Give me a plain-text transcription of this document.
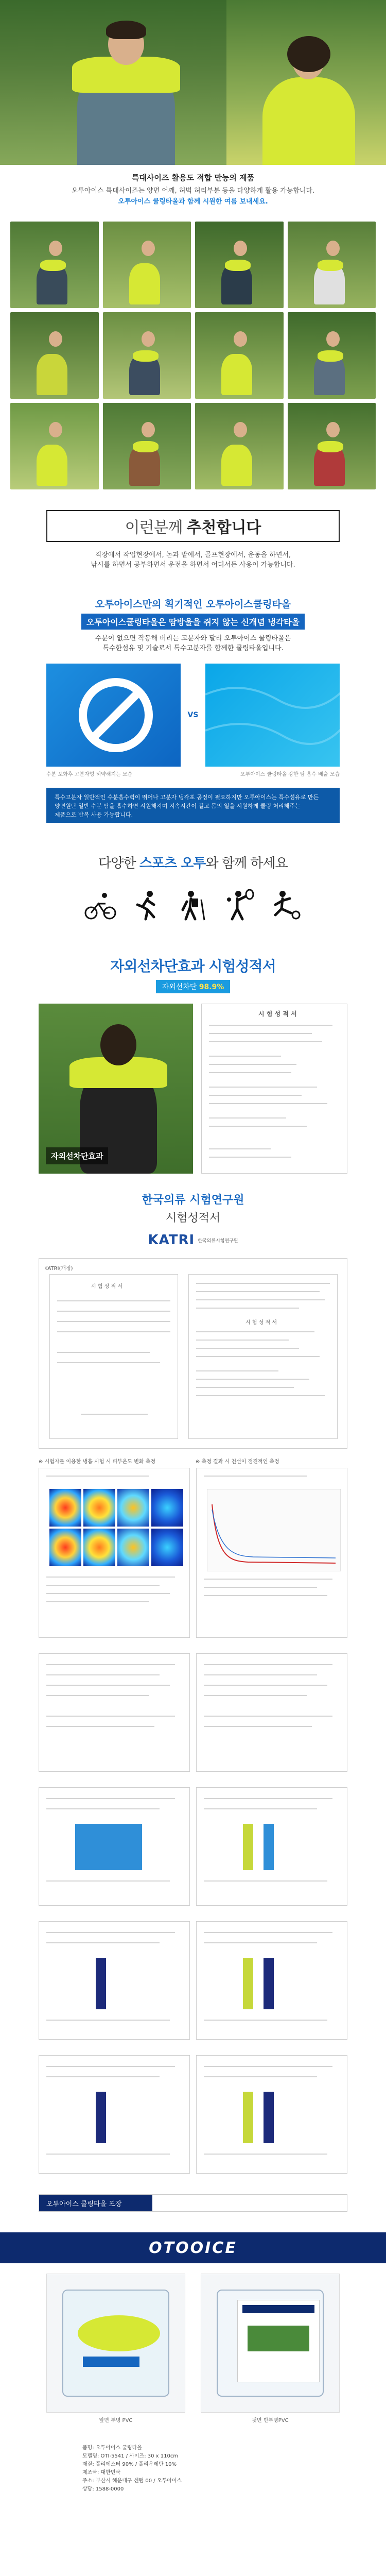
특대사이즈 활용도 적합 만능의 제품
오투아이스 특대사이즈는 양면 어깨, 허벅 허리부분 등을 다양하게 활용 가능합니다.
오투아이스 쿨링타올과 함께 시원한 여름 보내세요.
이런분께 추천합니다
직장에서 작업현장에서, 논과 밭에서, 골프현장에서, 운동을 하면서,
낚시를 하면서 공부하면서 운전을 하면서 어디서든 사용이 가능합니다.
오투아이스만의 획기적인 오투아이스쿨링타올
오투아이스쿨링타올은 땀방울을 쥐지 않는 신개념 냉각타올
수분이 없으면 작동해 버리는 고분자와 달리 오투아이스 쿨링타올은
특수한섬유 및 기술로서 특수고분자를 함께한 쿨링타올입니다.
VS
수분 포화후 고분자형 허약해지는 모습	오투아이스 쿨링타올 강한 땀 흡수 배출 모습
특수고분자 일반적인 수분흡수력이 뛰어나 고분자 냉각포 공정이 필요하지만 오투아이스는 특수섬유로 만든
양면원단 일반 수분 땀을 흡수하면 시원해지며 지속시간이 길고 몸의 열을 시원하게 쿨링 처리해주는
제품으로 반복 사용 가능합니다.
다양한 스포츠 오투와 함께 하세요
자외선차단효과 시험성적서
자외선차단 98.9%
자외선차단효과
시 험 성 적 서
한국의류 시험연구원
시험성적서
KATRI 한국의류시험연구원
KATRI(개정)
시 험 성 적 서
시 험 성 적 서
※ 시험자를 이용한 냉흡 시험 시 피부온도 변화 측정	※ 측정 결과 시 천선이 점진적인 측정
오투아이스 쿨링타올 포장
OTOOICE
앞면 투명 PVC	뒷면 반투명PVC
품명: 오투아이스 쿨링타올
모델명: OTI-5541 / 사이즈: 30 x 110cm
재질: 폴리에스터 90% / 폴리우레탄 10%
제조국: 대한민국
주소: 부산시 해운대구 센텀 00 / 오투아이스
상담: 1588-0000
